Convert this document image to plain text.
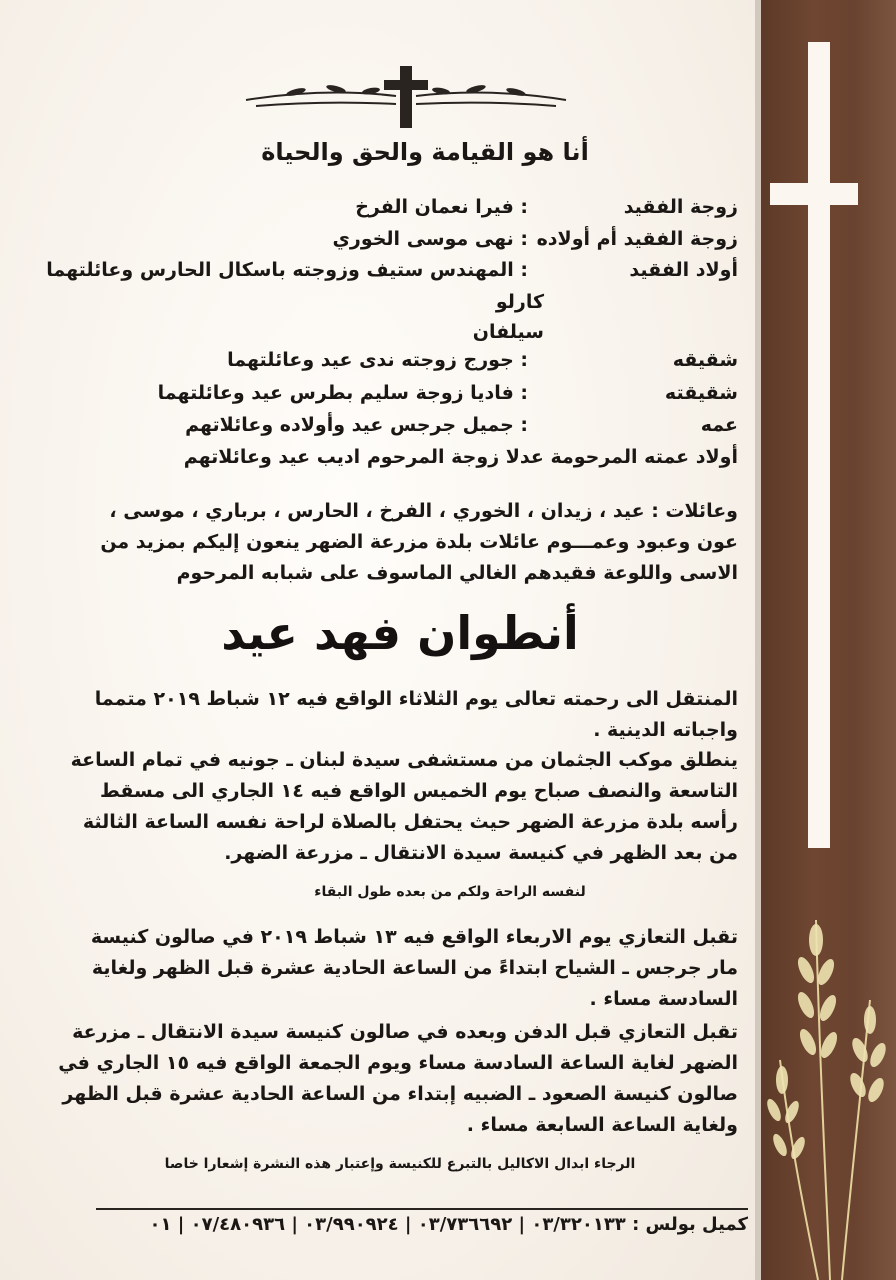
أنا هو القيامة والحق والحياة
زوجة الفقيد
: فيرا نعمان الفرخ
زوجة الفقيد أم أولاده
: نهى موسى الخوري
أولاد الفقيد
: المهندس ستيف وزوجته باسكال الحارس وعائلتهما
كارلو
سيلفان
شقيقه
: جورج زوجته ندى عيد وعائلتهما
شقيقته
: فاديا زوجة سليم بطرس عيد وعائلتهما
عمه
: جميل جرجس عيد وأولاده وعائلاتهم
أولاد عمته المرحومة عدلا زوجة المرحوم اديب عيد وعائلاتهم
وعائلات : عيد ، زيدان ، الخوري ، الفرخ ، الحارس ، برباري ، موسى ،
عون وعبود وعمـــوم عائلات بلدة مزرعة الضهر ينعون إليكم بمزيد من
الاسى واللوعة فقيدهم الغالي الماسوف على شبابه المرحوم
أنطوان فهد عيد
المنتقل الى رحمته تعالى يوم الثلاثاء الواقع فيه ١٢ شباط ٢٠١٩ متمما
واجباته الدينية .
ينطلق موكب الجثمان من مستشفى سيدة لبنان ـ جونيه في تمام الساعة
التاسعة والنصف صباح يوم الخميس الواقع فيه ١٤ الجاري الى مسقط
رأسه بلدة مزرعة الضهر حيث يحتفل بالصلاة لراحة نفسه الساعة الثالثة
من بعد الظهر في كنيسة سيدة الانتقال ـ مزرعة الضهر.
لنفسه الراحة ولكم من بعده طول البقاء
تقبل التعازي يوم الاربعاء الواقع فيه ١٣ شباط ٢٠١٩ في صالون كنيسة
مار جرجس ـ الشياح ابتداءً من الساعة الحادية عشرة قبل الظهر ولغاية
السادسة مساء .
تقبل التعازي قبل الدفن وبعده في صالون كنيسة سيدة الانتقال ـ مزرعة
الضهر لغاية الساعة السادسة مساء ويوم الجمعة الواقع فيه ١٥ الجاري في
صالون كنيسة الصعود ـ الضبيه إبتداء من الساعة الحادية عشرة قبل الظهر
ولغاية الساعة السابعة مساء .
الرجاء ابدال الاكاليل بالتبرع للكنيسة وإعتبار هذه النشرة إشعارا خاصا
كميل بولس : ٠٣/٣٢٠١٣٣ | ٠٣/٧٣٦٦٩٢ | ٠٣/٩٩٠٩٢٤ | ٠٧/٤٨٠٩٣٦ | ٠١
